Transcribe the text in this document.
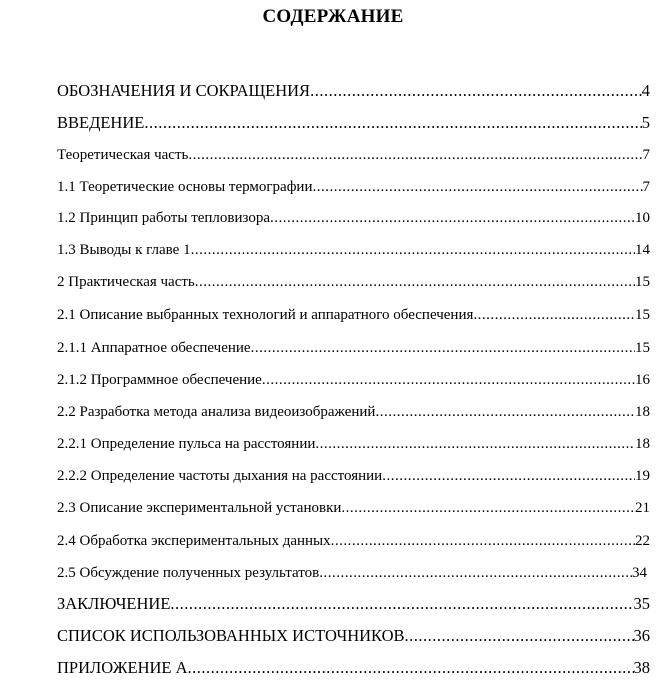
СОДЕРЖАНИЕ
ОБОЗНАЧЕНИЯ И СОКРАЩЕНИЯ .....	4
ВВЕДЕНИЕ .....	5
Теоретическая часть .....	7
1.1 Теоретические основы термографии .....	7
1.2 Принцип работы тепловизора .....	10
1.3 Выводы к главе 1 .....	14
2 Практическая часть .....	15
2.1 Описание выбранных технологий и аппаратного обеспечения .....	15
2.1.1 Аппаратное обеспечение .....	15
2.1.2 Программное обеспечение .....	16
2.2 Разработка метода анализа видеоизображений .....	18
2.2.1 Определение пульса на расстоянии .....	18
2.2.2 Определение частоты дыхания на расстоянии .....	19
2.3 Описание экспериментальной установки .....	21
2.4 Обработка экспериментальных данных .....	22
2.5 Обсуждение полученных результатов .....	34
ЗАКЛЮЧЕНИЕ .....	35
СПИСОК ИСПОЛЬЗОВАННЫХ ИСТОЧНИКОВ .....	36
ПРИЛОЖЕНИЕ А .....	38
